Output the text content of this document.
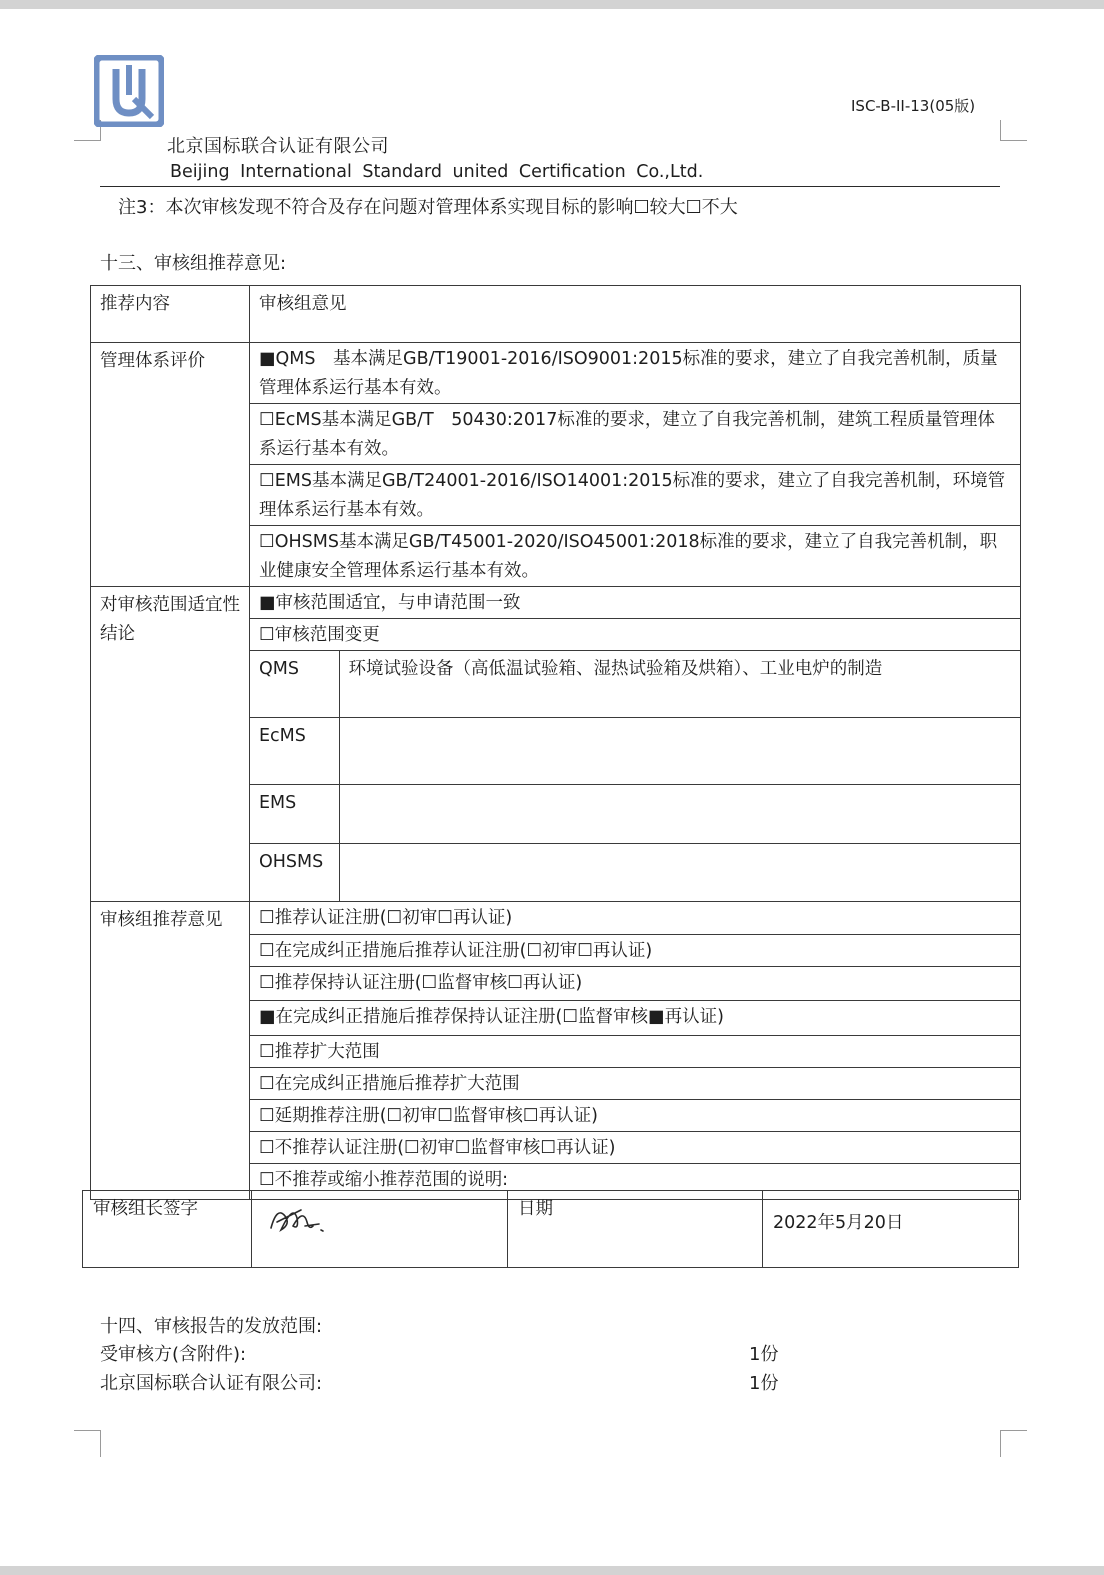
北京国标联合认证有限公司
Beijing International Standard united Certification Co.,Ltd.
ISC-B-II-13(05版)
注3：本次审核发现不符合及存在问题对管理体系实现目标的影响☐较大☐不大
十三、审核组推荐意见:
推荐内容	审核组意见
管理体系评价	■QMS　基本满足GB/T19001-2016/ISO9001:2015标准的要求，建立了自我完善机制，质量管理体系运行基本有效。
☐EcMS基本满足GB/T　50430:2017标准的要求，建立了自我完善机制，建筑工程质量管理体系运行基本有效。
☐EMS基本满足GB/T24001-2016/ISO14001:2015标准的要求，建立了自我完善机制，环境管理体系运行基本有效。
☐OHSMS基本满足GB/T45001-2020/ISO45001:2018标准的要求，建立了自我完善机制，职业健康安全管理体系运行基本有效。
对审核范围适宜性结论	■审核范围适宜，与申请范围一致
☐审核范围变更

QMS	环境试验设备（高低温试验箱、湿热试验箱及烘箱）、工业电炉的制造
EcMS	
EMS	
OHSMS	

审核组推荐意见	☐推荐认证注册(☐初审☐再认证)
☐在完成纠正措施后推荐认证注册(☐初审☐再认证)
☐推荐保持认证注册(☐监督审核☐再认证)
■在完成纠正措施后推荐保持认证注册(☐监督审核■再认证)
☐推荐扩大范围
☐在完成纠正措施后推荐扩大范围
☐延期推荐注册(☐初审☐监督审核☐再认证)
☐不推荐认证注册(☐初审☐监督审核☐再认证)
☐不推荐或缩小推荐范围的说明:
审核组长签字		日期	2022年5月20日
十四、审核报告的发放范围:
受审核方(含附件):	1份
北京国标联合认证有限公司:	1份
